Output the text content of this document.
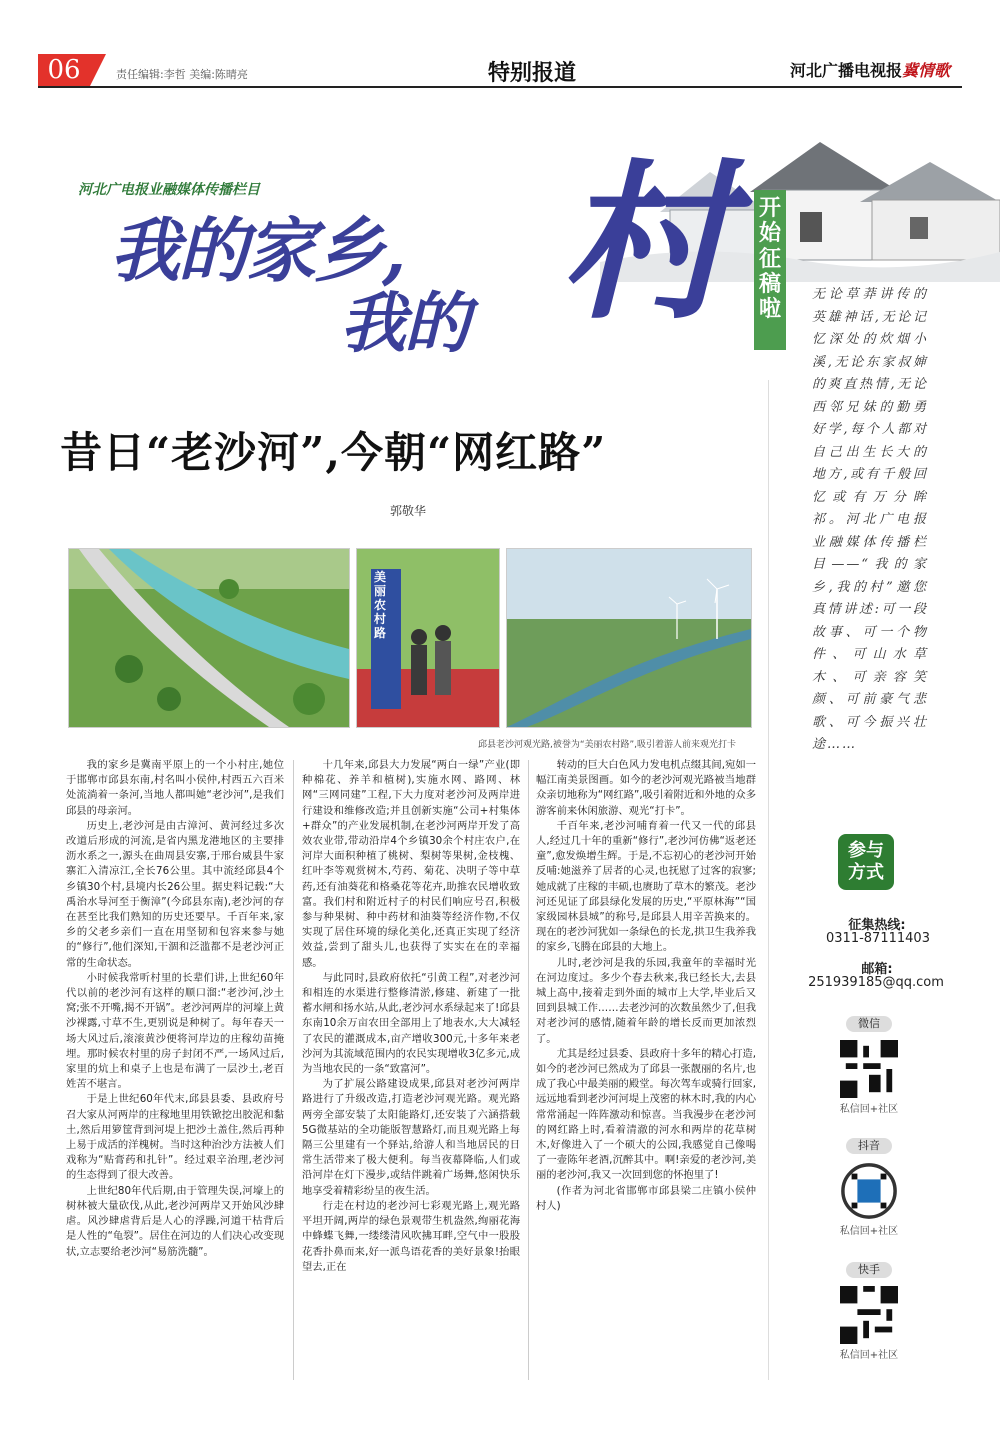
06	责任编辑:李哲 美编:陈晴亮	特别报道	河北广播电视报冀情歌
河北广电报业融媒体传播栏目
我的家乡,
我的 村 开
始
征
稿
啦
无论草莽讲传的英雄神话,无论记忆深处的炊烟小溪,无论东家叔婶的爽直热情,无论西邻兄妹的勤勇好学,每个人都对自己出生长大的地方,或有千般回忆或有万分眸祁。河北广电报业融媒体传播栏目——“我的家乡,我的村”邀您真情讲述:可一段故事、可一个物件、可山水草木、可亲容笑颜、可前豪气悲歌、可今振兴壮途……
参与
方式
征集热线:
0311-87111403
邮箱:
251939185@qq.com
微信
私信回+社区
抖音
私信回+社区
快手
私信回+社区
昔日“老沙河”,今朝“网红路”
郭敬华
美丽农村路
邱县老沙河观光路,被誉为“美丽农村路”,吸引着游人前来观光打卡

我的家乡是冀南平原上的一个小村庄,她位于邯郸市邱县东南,村名叫小侯仲,村西五六百米处流淌着一条河,当地人都叫她“老沙河”,是我们邱县的母亲河。

历史上,老沙河是由古漳河、黄河经过多次改道后形成的河流,是省内黑龙港地区的主要排沥水系之一,源头在曲周县安寨,于邢台威县牛家寨汇入清凉江,全长76公里。其中流经邱县4个乡镇30个村,县境内长26公里。据史料记载:“大禹治水导河至于衡漳”(今邱县东南),老沙河的存在甚至比我们熟知的历史还要早。千百年来,家乡的父老乡亲们一直在用坚韧和包容来参与她的“修行”,他们深知,干涸和泛滥都不是老沙河正常的生命状态。

小时候我常听村里的长辈们讲,上世纪60年代以前的老沙河有这样的顺口溜:“老沙河,沙土窝;张不开嘴,揭不开锅”。老沙河两岸的河壕上黄沙裸露,寸草不生,更别说是种树了。每年春天一场大风过后,滚滚黄沙便将河岸边的庄稼幼苗掩埋。那时候农村里的房子封闭不严,一场风过后,家里的炕上和桌子上也是布满了一层沙土,老百姓苦不堪言。

于是上世纪60年代末,邱县县委、县政府号召大家从河两岸的庄稼地里用铁锨挖出胶泥和黏土,然后用箩筐背到河堤上把沙土盖住,然后再种上易于成活的洋槐树。当时这种治沙方法被人们戏称为“贴膏药和扎针”。经过艰辛治理,老沙河的生态得到了很大改善。

上世纪80年代后期,由于管理失误,河壕上的树林被大量砍伐,从此,老沙河两岸又开始风沙肆虐。风沙肆虐背后是人心的浮躁,河道干枯背后是人性的“龟裂”。居住在河边的人们决心改变现状,立志要给老沙河“易筋洗髓”。

十几年来,邱县大力发展“两白一绿”产业(即种棉花、养羊和植树),实施水网、路网、林网“三网同建”工程,下大力度对老沙河及两岸进行建设和维修改造;并且创新实施“公司+村集体+群众”的产业发展机制,在老沙河两岸开发了高效农业带,带动沿岸4个乡镇30余个村庄农户,在河岸大面积种植了桃树、梨树等果树,金枝槐、红叶李等观赏树木,芍药、菊花、决明子等中草药,还有油葵花和格桑花等花卉,助推农民增收致富。我们村和附近村子的村民们响应号召,积极参与种果树、种中药材和油葵等经济作物,不仅实现了居住环境的绿化美化,还真正实现了经济效益,尝到了甜头儿,也获得了实实在在的幸福感。

与此同时,县政府依托“引黄工程”,对老沙河和相连的水渠进行整修清淤,修建、新建了一批蓄水闸和扬水站,从此,老沙河水系绿起来了!邱县东南10余万亩农田全部用上了地表水,大大减轻了农民的灌溉成本,亩产增收300元,十多年来老沙河为其流域范围内的农民实现增收3亿多元,成为当地农民的一条“致富河”。

为了扩展公路建设成果,邱县对老沙河两岸路进行了升级改造,打造老沙河观光路。观光路两旁全部安装了太阳能路灯,还安装了六涵搭载5G微基站的全功能版智慧路灯,而且观光路上每隔三公里建有一个驿站,给游人和当地居民的日常生活带来了极大便利。每当夜幕降临,人们或沿河岸在灯下漫步,或结伴跳着广场舞,悠闲快乐地享受着精彩纷呈的夜生活。

行走在村边的老沙河七彩观光路上,观光路平坦开阔,两岸的绿色景观带生机盎然,绚丽花海中蜂蝶飞舞,一缕缕清风吹拂耳畔,空气中一股股花香扑鼻而来,好一派鸟语花香的美好景象!抬眼望去,正在

转动的巨大白色风力发电机点缀其间,宛如一幅江南美景图画。如今的老沙河观光路被当地群众亲切地称为“网红路”,吸引着附近和外地的众多游客前来休闲旅游、观光“打卡”。

千百年来,老沙河哺育着一代又一代的邱县人,经过几十年的重新“修行”,老沙河仿佛“返老还童”,愈发焕增生辉。于是,不忘初心的老沙河开始反哺:她滋养了居者的心灵,也抚慰了过客的寂寥;她成就了庄稼的丰硕,也赓助了草木的繁茂。老沙河还见证了邱县绿化发展的历史,“平原林海”“国家级园林县城”的称号,是邱县人用辛苦换来的。现在的老沙河犹如一条绿色的长龙,拱卫生我养我的家乡,飞腾在邱县的大地上。

儿时,老沙河是我的乐园,我童年的幸福时光在河边度过。多少个春去秋来,我已经长大,去县城上高中,接着走到外面的城市上大学,毕业后又回到县城工作……去老沙河的次数虽然少了,但我对老沙河的感情,随着年龄的增长反而更加浓烈了。

尤其是经过县委、县政府十多年的精心打造,如今的老沙河已然成为了邱县一张靓丽的名片,也成了我心中最美丽的殿堂。每次驾车或骑行回家,远远地看到老沙河河堤上茂密的林木时,我的内心常常涌起一阵阵激动和惊喜。当我漫步在老沙河的网红路上时,看着清澈的河水和两岸的花草树木,好像进入了一个硕大的公园,我感觉自己像喝了一壶陈年老酒,沉醉其中。啊!亲爱的老沙河,美丽的老沙河,我又一次回到您的怀抱里了!

(作者为河北省邯郸市邱县梁二庄镇小侯仲村人)
